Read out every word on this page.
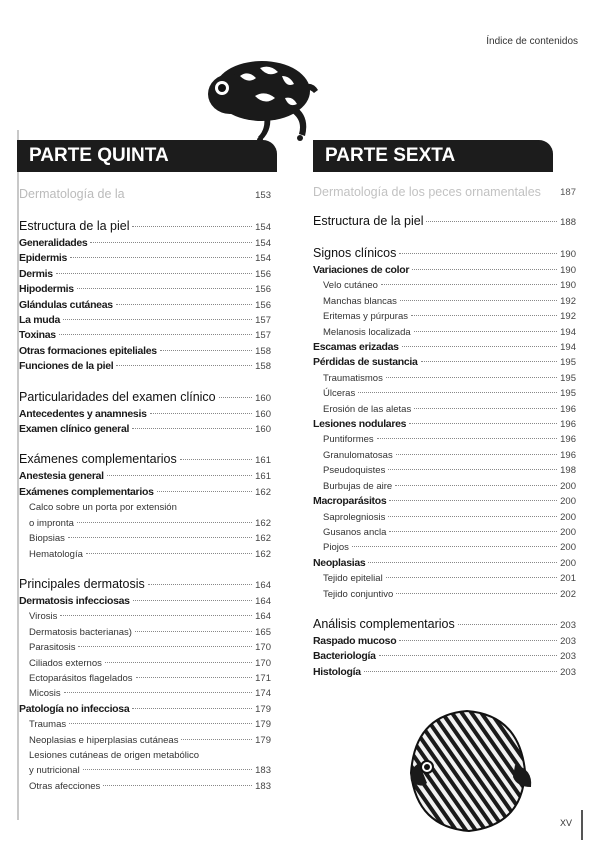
Índice de contenidos
PARTE QUINTA	PARTE SEXTA
Dermatología de la	153
Estructura de la piel	154
Generalidades	154
Epidermis	154
Dermis	156
Hipodermis	156
Glándulas cutáneas	156
La muda	157
Toxinas	157
Otras formaciones epiteliales	158
Funciones de la piel	158
Particularidades del examen clínico	160
Antecedentes y anamnesis	160
Examen clínico general	160
Exámenes complementarios	161
Anestesia general	161
Exámenes complementarios	162
Calco sobre un porta por extensión
o impronta	162
Biopsias	162
Hematología	162
Principales dermatosis	164
Dermatosis infecciosas	164
Virosis	164
Dermatosis bacterianas)	165
Parasitosis	170
Ciliados externos	170
Ectoparásitos flagelados	171
Micosis	174
Patología no infecciosa	179
Traumas	179
Neoplasias e hiperplasias cutáneas	179
Lesiones cutáneas de origen metabólico
y nutricional	183
Otras afecciones	183
Dermatología de los peces ornamentales	187
Estructura de la piel	188
Signos clínicos	190
Variaciones de color	190
Velo cutáneo	190
Manchas blancas	192
Eritemas y púrpuras	192
Melanosis localizada	194
Escamas erizadas	194
Pérdidas de sustancia	195
Traumatismos	195
Úlceras	195
Erosión de las aletas	196
Lesiones nodulares	196
Puntiformes	196
Granulomatosas	196
Pseudoquistes	198
Burbujas de aire	200
Macroparásitos	200
Saprolegniosis	200
Gusanos ancla	200
Piojos	200
Neoplasias	200
Tejido epitelial	201
Tejido conjuntivo	202
Análisis complementarios	203
Raspado mucoso	203
Bacteriología	203
Histología	203
XV
